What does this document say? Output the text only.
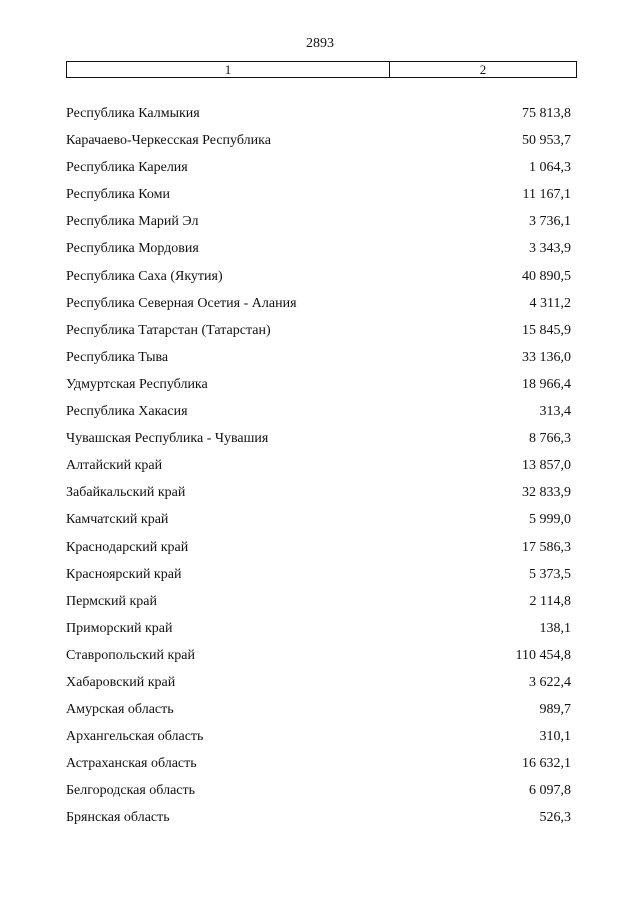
2893
1	2
Республика Калмыкия	75 813,8
Карачаево-Черкесская Республика	50 953,7
Республика Карелия	1 064,3
Республика Коми	11 167,1
Республика Марий Эл	3 736,1
Республика Мордовия	3 343,9
Республика Саха (Якутия)	40 890,5
Республика Северная Осетия - Алания	4 311,2
Республика Татарстан (Татарстан)	15 845,9
Республика Тыва	33 136,0
Удмуртская Республика	18 966,4
Республика Хакасия	313,4
Чувашская Республика - Чувашия	8 766,3
Алтайский край	13 857,0
Забайкальский край	32 833,9
Камчатский край	5 999,0
Краснодарский край	17 586,3
Красноярский край	5 373,5
Пермский край	2 114,8
Приморский край	138,1
Ставропольский край	110 454,8
Хабаровский край	3 622,4
Амурская область	989,7
Архангельская область	310,1
Астраханская область	16 632,1
Белгородская область	6 097,8
Брянская область	526,3
